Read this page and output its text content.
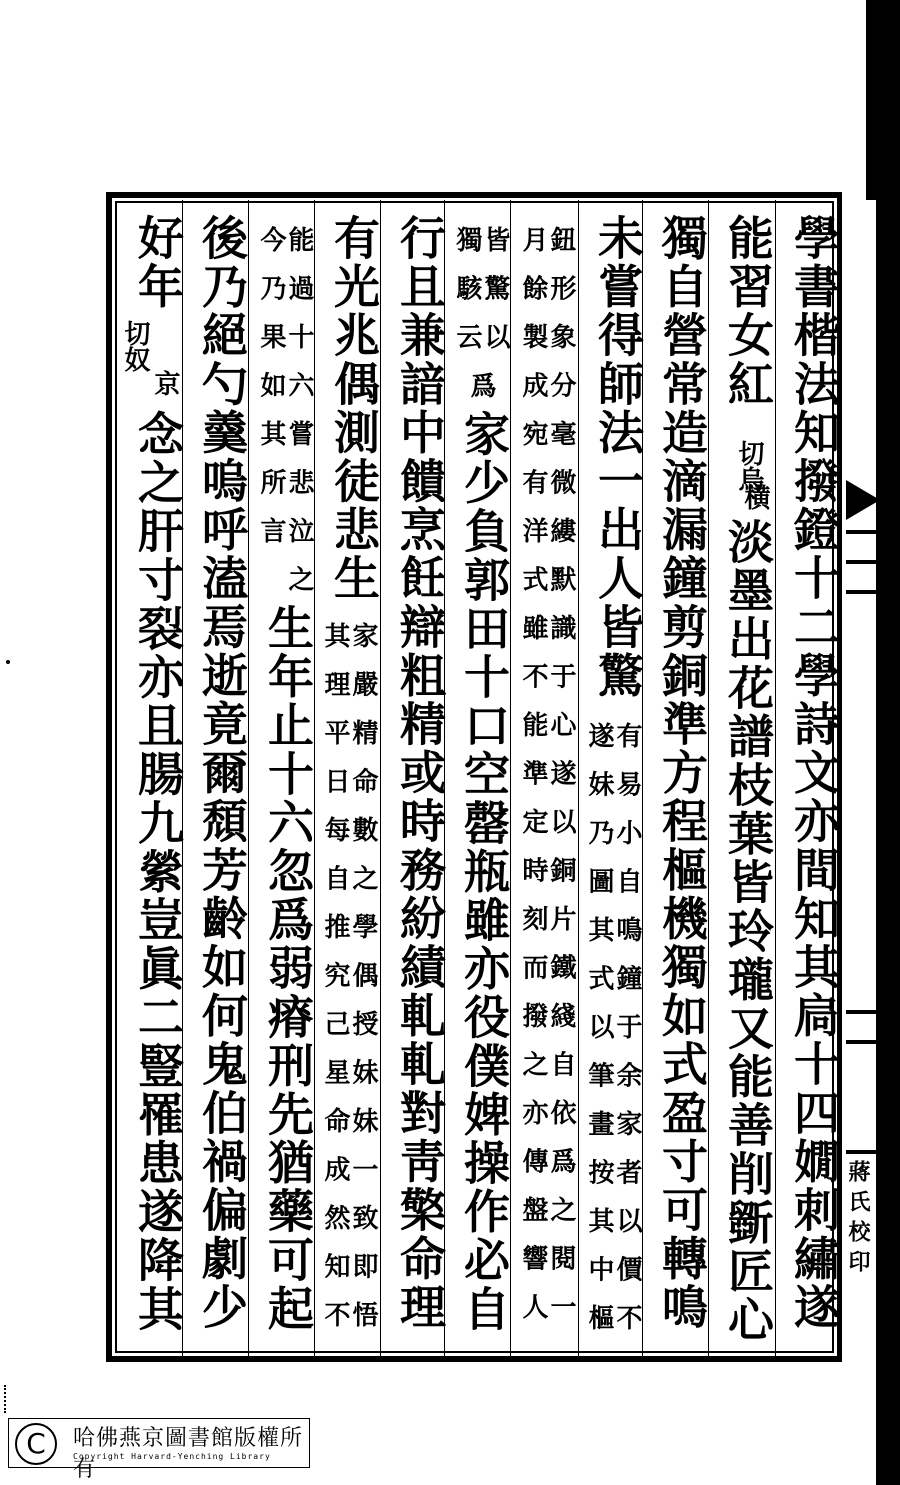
學書楷法知撥鐙十二學詩文亦間知其扃十四嫺刺繡遂
能習女紅
切烏
横
淡墨出花譜枝葉皆玲瓏又能善削斵匠心
獨自營常造滴漏鐘剪銅準方程樞機獨如式盈寸可轉鳴
未嘗得師法一出人皆驚
有易小自鳴鐘于余家者以價不
遂妹乃圖其式以筆畫按其中樞
鈕形象分毫微縷默識于心遂以銅片鐵綫自依爲之閱一
月餘製成宛有洋式雖不能準定時刻而撥之亦傳盤響人
皆驚以
獨駭云
爲
家少負郭田十口空罄瓶雖亦役僕婢操作必自
行且兼諳中饋烹飪辯粗精或時務紛績軋軋對靑檠命理
有光兆偶測徒悲生
家嚴精命數之學偶授妹妹一致即悟
其理平日每自推究己星命成然知不
能過十六嘗悲泣之
今乃果如其所言
生年止十六忽爲弱瘠刑先猶藥可起
後乃絕勺羹嗚呼溘焉逝竟爾頹芳齡如何鬼伯禍偏劇少
好年
切奴
京
念之肝寸裂亦且腸九縈豈眞二豎罹患遂降其	蔣氏校印
C	哈佛燕京圖書館版權所有
Copyright Harvard-Yenching Library
